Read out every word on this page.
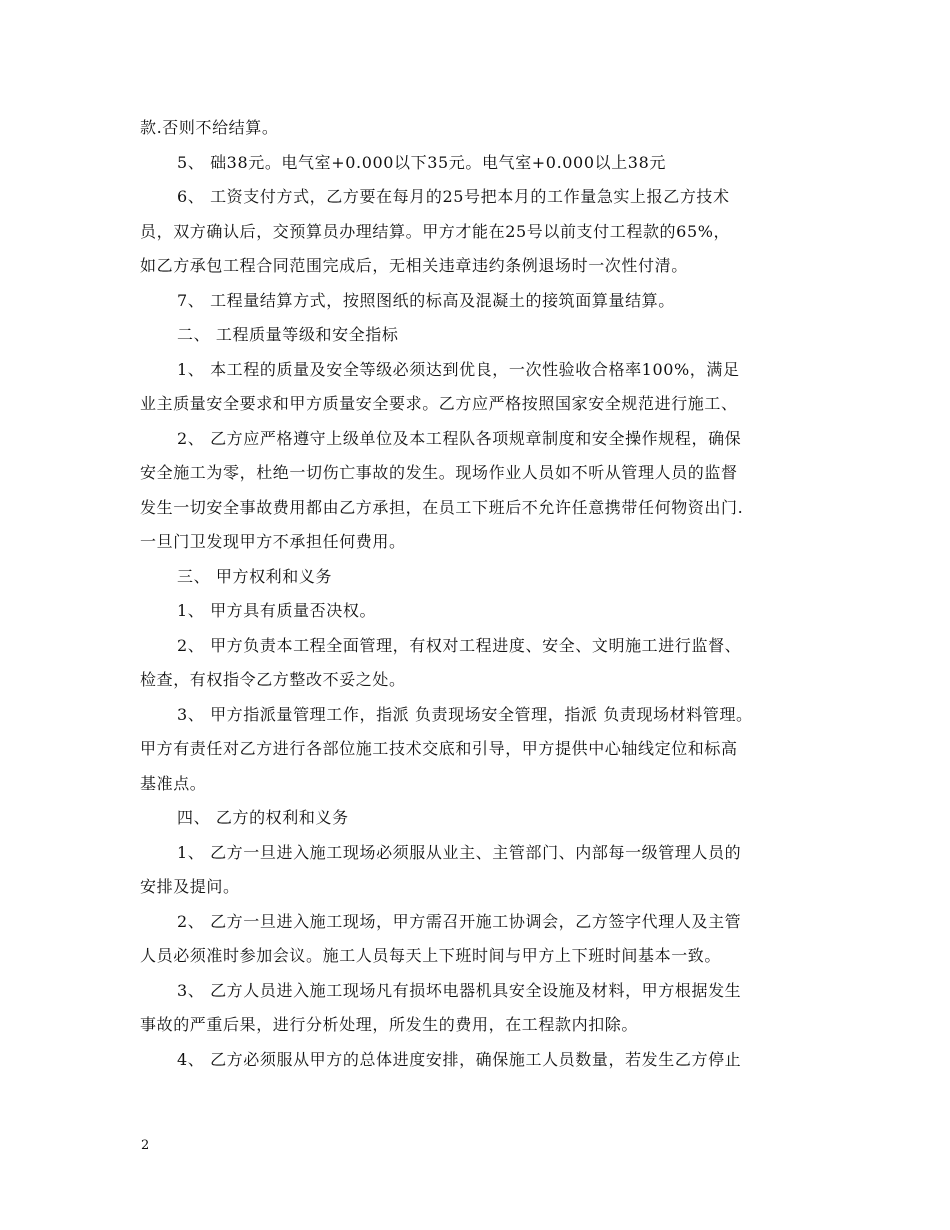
款.否则不给结算。
5、 础38元。电气室+0.000以下35元。电气室+0.000以上38元
6、 工资支付方式，乙方要在每月的25号把本月的工作量急实上报乙方技术
员，双方确认后，交预算员办理结算。甲方才能在25号以前支付工程款的65%，
如乙方承包工程合同范围完成后，无相关违章违约条例退场时一次性付清。
7、 工程量结算方式，按照图纸的标高及混凝土的接筑面算量结算。
二、 工程质量等级和安全指标
1、 本工程的质量及安全等级必须达到优良，一次性验收合格率100%，满足
业主质量安全要求和甲方质量安全要求。乙方应严格按照国家安全规范进行施工、
2、 乙方应严格遵守上级单位及本工程队各项规章制度和安全操作规程，确保
安全施工为零，杜绝一切伤亡事故的发生。现场作业人员如不听从管理人员的监督
发生一切安全事故费用都由乙方承担，在员工下班后不允许任意携带任何物资出门.
一旦门卫发现甲方不承担任何费用。
三、 甲方权利和义务
1、 甲方具有质量否决权。
2、 甲方负责本工程全面管理，有权对工程进度、安全、文明施工进行监督、
检查，有权指令乙方整改不妥之处。
3、 甲方指派量管理工作，指派 负责现场安全管理，指派 负责现场材料管理。
甲方有责任对乙方进行各部位施工技术交底和引导，甲方提供中心轴线定位和标高
基准点。
四、 乙方的权利和义务
1、 乙方一旦进入施工现场必须服从业主、主管部门、内部每一级管理人员的
安排及提问。
2、 乙方一旦进入施工现场，甲方需召开施工协调会，乙方签字代理人及主管
人员必须准时参加会议。施工人员每天上下班时间与甲方上下班时间基本一致。
3、 乙方人员进入施工现场凡有损坏电器机具安全设施及材料，甲方根据发生
事故的严重后果，进行分析处理，所发生的费用，在工程款内扣除。
4、 乙方必须服从甲方的总体进度安排，确保施工人员数量，若发生乙方停止
2
